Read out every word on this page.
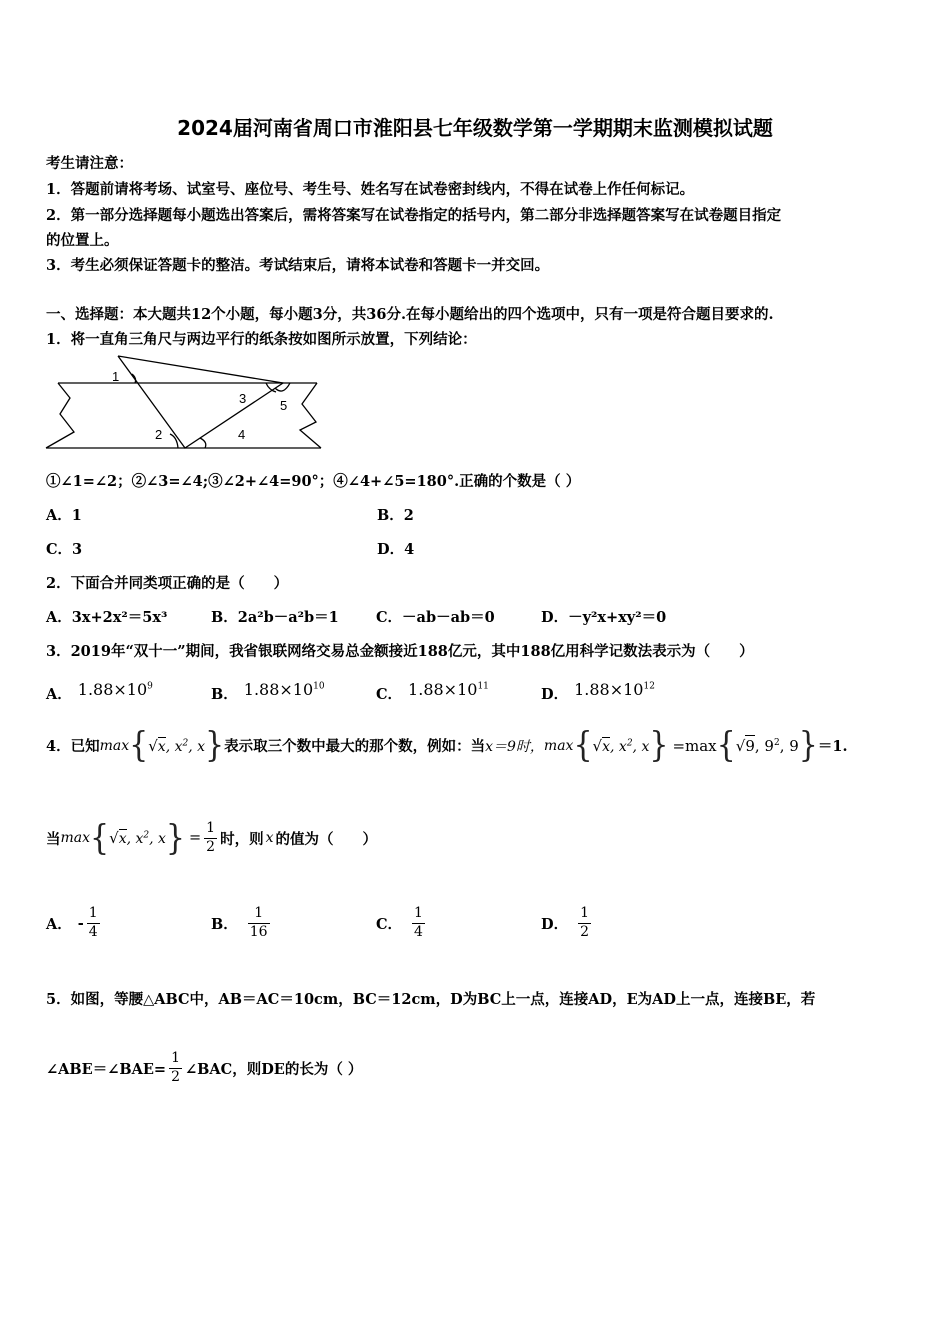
2024届河南省周口市淮阳县七年级数学第一学期期末监测模拟试题
考生请注意：
1．答题前请将考场、试室号、座位号、考生号、姓名写在试卷密封线内，不得在试卷上作任何标记。
2．第一部分选择题每小题选出答案后，需将答案写在试卷指定的括号内，第二部分非选择题答案写在试卷题目指定
的位置上。
3．考生必须保证答题卡的整洁。考试结束后，请将本试卷和答题卡一并交回。
一、选择题：本大题共12个小题，每小题3分，共36分.在每小题给出的四个选项中，只有一项是符合题目要求的.
1．将一直角三角尺与两边平行的纸条按如图所示放置，下列结论：
1
2
3
4
5
①∠1=∠2；②∠3=∠4;③∠2+∠4=90°；④∠4+∠5=180°.正确的个数是（ ）
A．1	B．2
C．3	D．4
2．下面合并同类项正确的是（　　）
A．3x+2x²＝5x³	B．2a²b－a²b＝1	C．－ab－ab＝0	D．－y²x+xy²＝0
3．2019年“双十一”期间，我省银联网络交易总金额接近188亿元，其中188亿用科学记数法表示为（　　）
A． $1.88\times 10^9$	B． $1.88\times 10^{10}$	C． $1.88\times 10^{11}$	D． $1.88\times 10^{12}$
4．已知 max { √x, $x^2$, x } 表示取三个数中最大的那个数，例如：当 x＝9时， max { √x, $x^2$, x } =max { √9, $9^2$, 9 } ＝1.
当 max { √x, $x^2$, x } = $\frac{1}{2}$ 时，则 x 的值为（　　）
A． - $\frac{1}{4}$	B． $\frac{1}{16}$	C． $\frac{1}{4}$	D． $\frac{1}{2}$
5．如图，等腰△ABC中，AB＝AC＝10cm，BC＝12cm，D为BC上一点，连接AD，E为AD上一点，连接BE，若
∠ABE＝∠BAE= $\frac{1}{2}$ ∠BAC，则DE的长为（ ）
